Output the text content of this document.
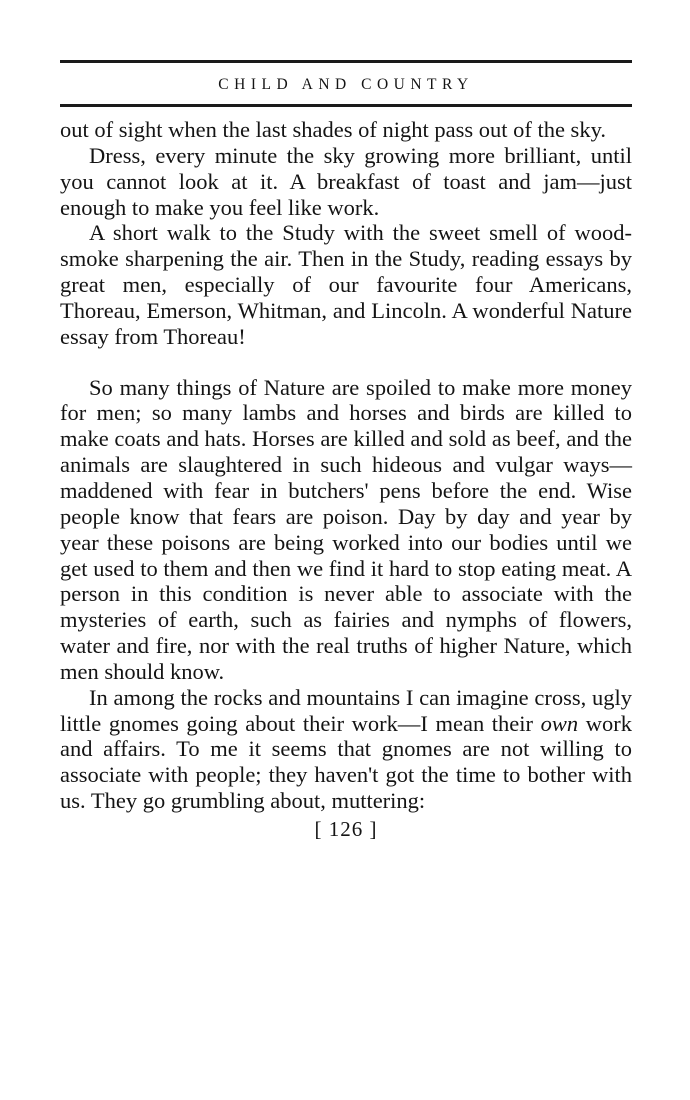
CHILD AND COUNTRY

out of sight when the last shades of night pass out of the sky.

Dress, every minute the sky growing more brilliant, until you cannot look at it. A breakfast of toast and jam—just enough to make you feel like work.

A short walk to the Study with the sweet smell of wood-smoke sharpening the air. Then in the Study, reading essays by great men, especially of our favourite four Americans, Thoreau, Emerson, Whitman, and Lincoln. A wonderful Nature essay from Thoreau!

So many things of Nature are spoiled to make more money for men; so many lambs and horses and birds are killed to make coats and hats. Horses are killed and sold as beef, and the animals are slaughtered in such hideous and vulgar ways—maddened with fear in butchers' pens before the end. Wise people know that fears are poison. Day by day and year by year these poisons are being worked into our bodies until we get used to them and then we find it hard to stop eating meat. A person in this condition is never able to associate with the mysteries of earth, such as fairies and nymphs of flowers, water and fire, nor with the real truths of higher Nature, which men should know.

In among the rocks and mountains I can imagine cross, ugly little gnomes going about their work—I mean their own work and affairs. To me it seems that gnomes are not willing to associate with people; they haven't got the time to bother with us. They go grumbling about, muttering:

[ 126 ]
